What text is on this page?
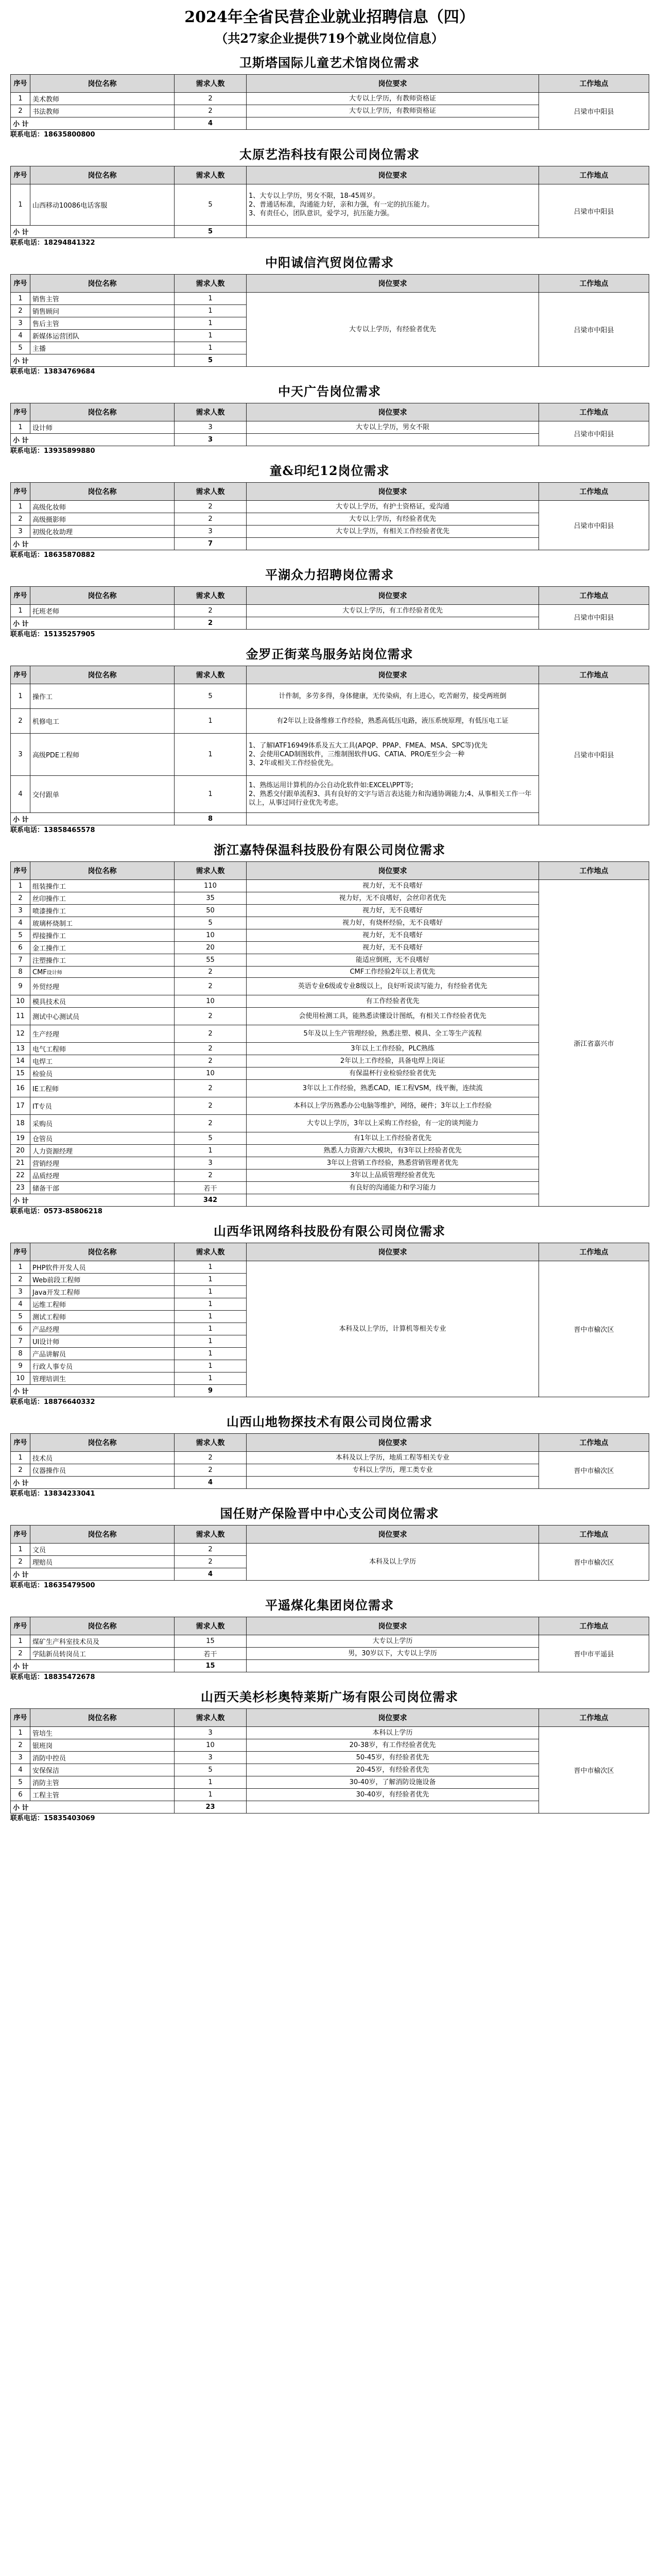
2024年全省民营企业就业招聘信息（四）
（共27家企业提供719个就业岗位信息）
卫斯塔国际儿童艺术馆岗位需求
序号	岗位名称	需求人数	岗位要求	工作地点
1	美术教师	2	大专以上学历，有教师资格证	吕梁市中阳县
2	书法教师	2	大专以上学历，有教师资格证	
小 计		4		
联系电话：18635800800
太原艺浩科技有限公司岗位需求
序号	岗位名称	需求人数	岗位要求	工作地点
1	山西移动10086电话客服	5	1、大专以上学历，男女不限，18-45周岁。
2、普通话标准，沟通能力好，亲和力强，有一定的抗压能力。
3、有责任心，团队意识，爱学习，抗压能力强。	吕梁市中阳县
小 计		5		
联系电话：18294841322
中阳诚信汽贸岗位需求
序号	岗位名称	需求人数	岗位要求	工作地点
1	销售主管	1	大专以上学历，有经验者优先	吕梁市中阳县
2	销售顾问	1		
3	售后主管	1		
4	新媒体运营团队	1		
5	主播	1		
小 计		5		
联系电话：13834769684
中天广告岗位需求
序号	岗位名称	需求人数	岗位要求	工作地点
1	设计师	3	大专以上学历，男女不限	吕梁市中阳县
小 计		3		
联系电话：13935899880
童&印纪12岗位需求
序号	岗位名称	需求人数	岗位要求	工作地点
1	高级化妆师	2	大专以上学历，有护士资格证，爱沟通	吕梁市中阳县
2	高级摄影师	2	大专以上学历，有经验者优先	
3	初级化妆助理	3	大专以上学历，有相关工作经验者优先	
小 计		7		
联系电话：18635870882
平湖众力招聘岗位需求
序号	岗位名称	需求人数	岗位要求	工作地点
1	托班老师	2	大专以上学历，有工作经验者优先	吕梁市中阳县
小 计		2		
联系电话：15135257905
金罗正街菜鸟服务站岗位需求
序号	岗位名称	需求人数	岗位要求	工作地点
1	操作工	5	计件制，多劳多得，身体健康，无传染病，有上进心，吃苦耐劳，接受两班倒	吕梁市中阳县
2	机修电工	1	有2年以上设备维修工作经验，熟悉高低压电路，液压系统原理，有低压电工证	
3	高级PDE工程师	1	1、了解IATF16949体系及五大工具(APQP、PPAP、FMEA、MSA、SPC等)优先
2、会使用CAD制图软件，三维制图软件UG、CATIA、PRO/E至少会一种
3、2年或相关工作经验优先。	
4	交付跟单	1	1、熟练运用计算机的办公自动化软件如:EXCEL\PPT等;
2、熟悉交付跟单流程3、具有良好的文字与语言表达能力和沟通协调能力;4、从事相关工作一年以上，从事过同行业优先考虑。	
小 计		8		
联系电话：13858465578
浙江嘉特保温科技股份有限公司岗位需求
序号	岗位名称	需求人数	岗位要求	工作地点
1	组装操作工	110	视力好，无不良嗜好	浙江省嘉兴市
2	丝印操作工	35	视力好，无不良嗜好，会丝印者优先	
3	喷漆操作工	50	视力好，无不良嗜好	
4	玻璃杯烧制工	5	视力好，有烧杯经验，无不良嗜好	
5	焊接操作工	10	视力好，无不良嗜好	
6	金工操作工	20	视力好，无不良嗜好	
7	注塑操作工	55	能适应倒班，无不良嗜好	
8	CMF设计师	2	CMF工作经验2年以上者优先	
9	外贸经理	2	英语专业6级或专业8级以上，良好听说读写能力，有经验者优先	
10	模具技术员	10	有工作经验者优先	
11	测试中心测试员	2	会使用检测工具，能熟悉读懂设计图纸，有相关工作经验者优先	
12	生产经理	2	5年及以上生产管理经验，熟悉注塑、模具、全工等生产流程	
13	电气工程师	2	3年以上工作经验，PLC熟练	
14	电焊工	2	2年以上工作经验，具备电焊上岗证	
15	检验员	10	有保温杯行业检验经验者优先	
16	IE工程师	2	3年以上工作经验，熟悉CAD，IE工程VSM，线平衡，连续流	
17	IT专员	2	本科以上学历熟悉办公电脑等维护，网络，硬件；3年以上工作经验	
18	采购员	2	大专以上学历，3年以上采购工作经验，有一定的谈判能力	
19	仓管员	5	有1年以上工作经验者优先	
20	人力资源经理	1	熟悉人力资源六大模块，有3年以上经验者优先	
21	营销经理	3	3年以上营销工作经验，熟悉营销管理者优先	
22	品质经理	2	3年以上品质管理经验者优先	
23	储备干部	若干	有良好的沟通能力和学习能力	
小 计		342		
联系电话：0573-85806218
山西华讯网络科技股份有限公司岗位需求
序号	岗位名称	需求人数	岗位要求	工作地点
1	PHP软件开发人员	1	本科及以上学历，计算机等相关专业	晋中市榆次区
2	Web前段工程师	1		
3	Java开发工程师	1		
4	运维工程师	1		
5	测试工程师	1		
6	产品经理	1		
7	UI设计师	1		
8	产品讲解员	1		
9	行政人事专员	1		
10	管理培训生	1		
小 计		9		
联系电话：18876640332
山西山地物探技术有限公司岗位需求
序号	岗位名称	需求人数	岗位要求	工作地点
1	技术员	2	本科及以上学历，地质工程等相关专业	晋中市榆次区
2	仪器操作员	2	专科以上学历，理工类专业	
小 计		4		
联系电话：13834233041
国任财产保险晋中中心支公司岗位需求
序号	岗位名称	需求人数	岗位要求	工作地点
1	文员	2	本科及以上学历	晋中市榆次区
2	理赔员	2		
小 计		4		
联系电话：18635479500
平遥煤化集团岗位需求
序号	岗位名称	需求人数	岗位要求	工作地点
1	煤矿生产科室技术员及	15	大专以上学历	晋中市平遥县
2	学陆新员转岗员工	若干	男，30岁以下，大专以上学历	
小 计		15		
联系电话：18835472678
山西天美杉杉奥特莱斯广场有限公司岗位需求
序号	岗位名称	需求人数	岗位要求	工作地点
1	管培生	3	本科以上学历	晋中市榆次区
2	银班岗	10	20-38岁，有工作经验者优先	
3	消防中控员	3	50-45岁，有经验者优先	
4	安保保洁	5	20-45岁，有经验者优先	
5	消防主管	1	30-40岁，了解消防设施设备	
6	工程主管	1	30-40岁，有经验者优先	
小 计		23		
联系电话：15835403069
